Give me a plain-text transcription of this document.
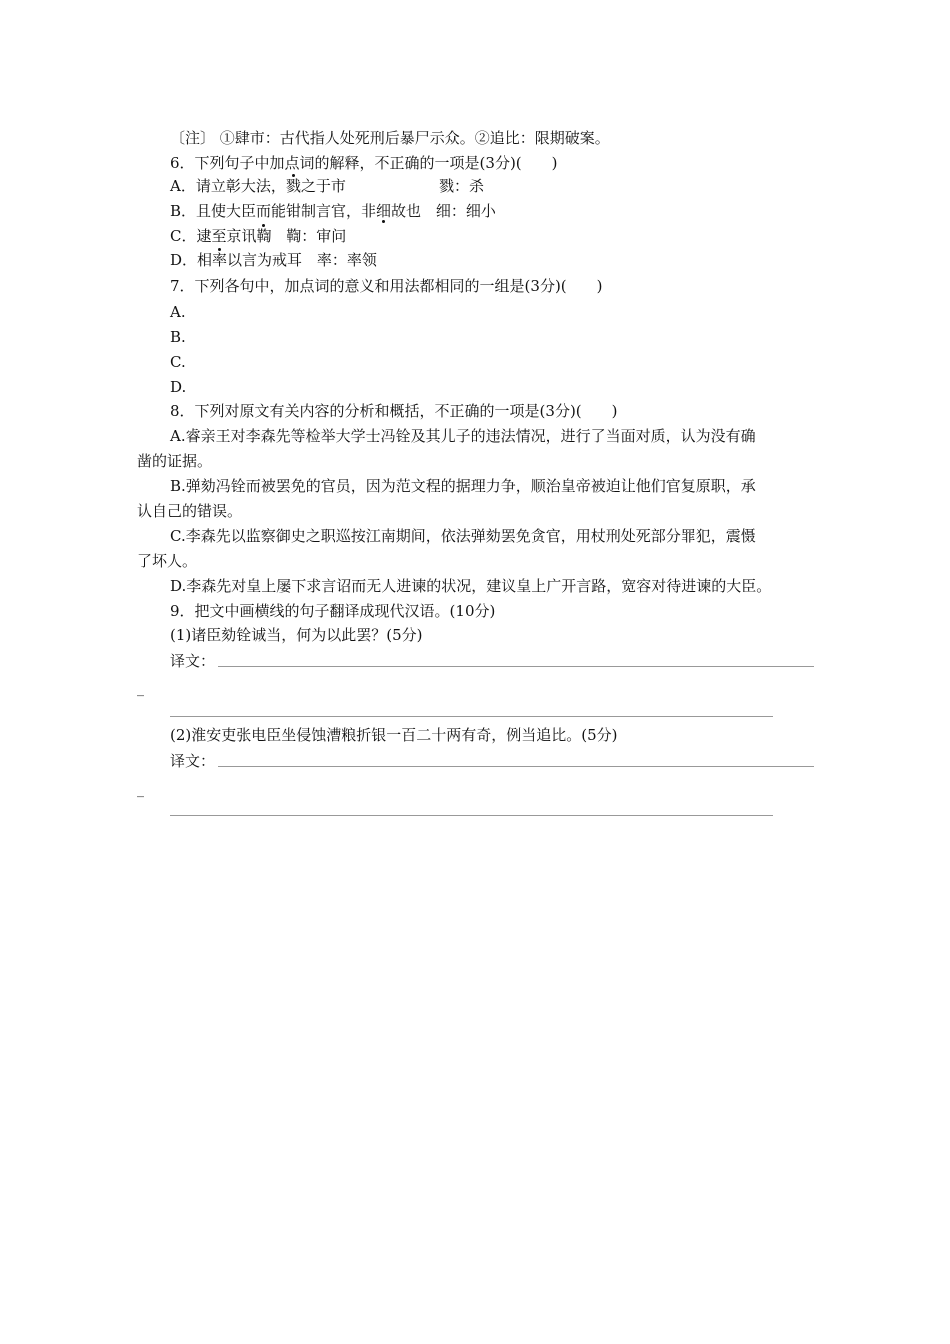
〔注〕 ①肆市：古代指人处死刑后暴尸示众。②追比：限期破案。
6．下列句子中加点词的解释，不正确的一项是(3分)(　　)
A．请立彰大法，戮之于市	戮：杀
B．且使大臣而能钳制言官，非细故也 细：细小
C．逮至京讯鞫 鞫：审问
D．相率以言为戒耳 率：率领
7．下列各句中，加点词的意义和用法都相同的一组是(3分)(　　)
A.
B.
C.
D.
8．下列对原文有关内容的分析和概括，不正确的一项是(3分)(　　)
A.睿亲王对李森先等检举大学士冯铨及其儿子的违法情况，进行了当面对质，认为没有确
凿的证据。
B.弹劾冯铨而被罢免的官员，因为范文程的据理力争，顺治皇帝被迫让他们官复原职，承
认自己的错误。
C.李森先以监察御史之职巡按江南期间，依法弹劾罢免贪官，用杖刑处死部分罪犯，震慑
了坏人。
D.李森先对皇上屡下求言诏而无人进谏的状况，建议皇上广开言路，宽容对待进谏的大臣。
9．把文中画横线的句子翻译成现代汉语。(10分)
(1)诸臣劾铨诚当，何为以此罢？(5分)
译文：
_
(2)淮安吏张电臣坐侵蚀漕粮折银一百二十两有奇，例当追比。(5分)
译文：
_
